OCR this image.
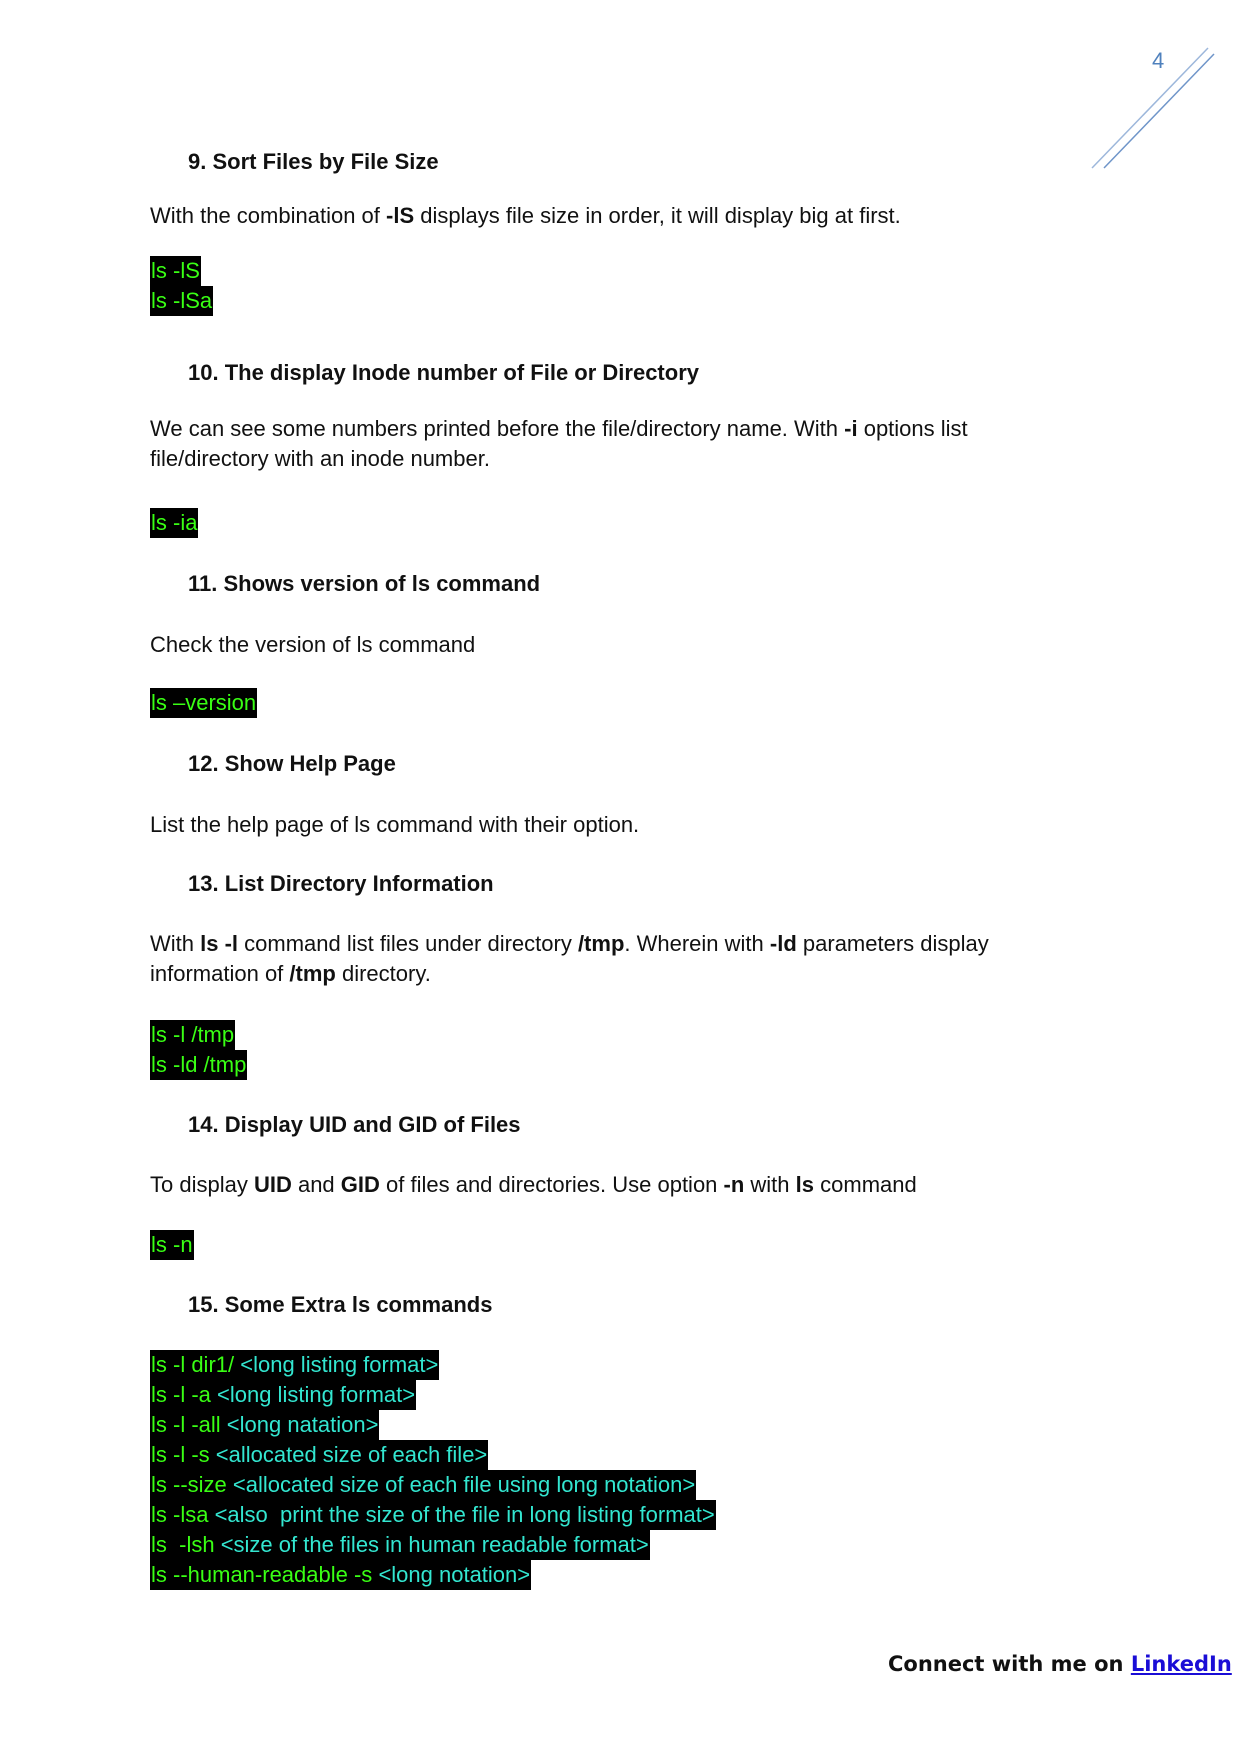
4
9. Sort Files by File Size
With the combination of -lS displays file size in order, it will display big at first.
ls -lS
ls -lSa
10. The display Inode number of File or Directory
We can see some numbers printed before the file/directory name. With -i options list file/directory with an inode number.
ls -ia
11. Shows version of ls command
Check the version of ls command
ls –version
12. Show Help Page
List the help page of ls command with their option.
13. List Directory Information
With ls -l command list files under directory /tmp. Wherein with -ld parameters display information of /tmp directory.
ls -l /tmp
ls -ld /tmp
14. Display UID and GID of Files
To display UID and GID of files and directories. Use option -n with ls command
ls -n
15. Some Extra ls commands
ls -l dir1/ <long listing format>
ls -l -a <long listing format>
ls -l -all <long natation>
ls -l -s <allocated size of each file>
ls --size <allocated size of each file using long notation>
ls -lsa <also  print the size of the file in long listing format>
ls  -lsh <size of the files in human readable format>
ls --human-readable -s <long notation>
Connect with me on LinkedIn
